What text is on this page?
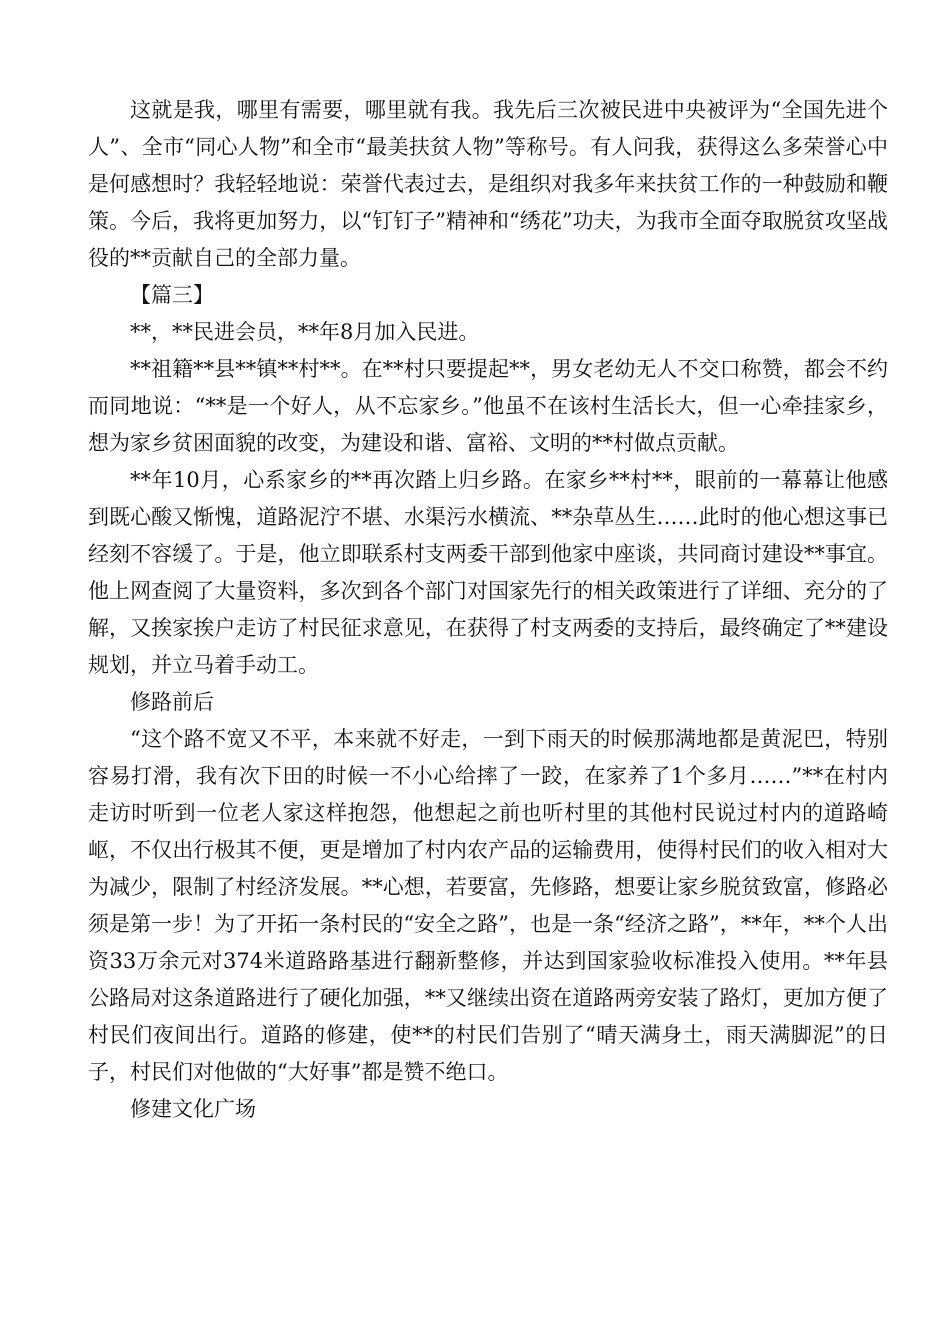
这就是我，哪里有需要，哪里就有我。我先后三次被民进中央被评为“全国先进个人”、全市“同心人物”和全市“最美扶贫人物”等称号。有人问我，获得这么多荣誉心中是何感想时？我轻轻地说：荣誉代表过去，是组织对我多年来扶贫工作的一种鼓励和鞭策。今后，我将更加努力，以“钉钉子”精神和“绣花”功夫，为我市全面夺取脱贫攻坚战役的**贡献自己的全部力量。

【篇三】

**，**民进会员，**年8月加入民进。

**祖籍**县**镇**村**。在**村只要提起**，男女老幼无人不交口称赞，都会不约而同地说：“**是一个好人，从不忘家乡。”他虽不在该村生活长大，但一心牵挂家乡，想为家乡贫困面貌的改变，为建设和谐、富裕、文明的**村做点贡献。

**年10月，心系家乡的**再次踏上归乡路。在家乡**村**，眼前的一幕幕让他感到既心酸又惭愧，道路泥泞不堪、水渠污水横流、**杂草丛生……此时的他心想这事已经刻不容缓了。于是，他立即联系村支两委干部到他家中座谈，共同商讨建设**事宜。他上网查阅了大量资料，多次到各个部门对国家先行的相关政策进行了详细、充分的了解，又挨家挨户走访了村民征求意见，在获得了村支两委的支持后，最终确定了**建设规划，并立马着手动工。

修路前后

“这个路不宽又不平，本来就不好走，一到下雨天的时候那满地都是黄泥巴，特别容易打滑，我有次下田的时候一不小心给摔了一跤，在家养了1个多月……”**在村内走访时听到一位老人家这样抱怨，他想起之前也听村里的其他村民说过村内的道路崎岖，不仅出行极其不便，更是增加了村内农产品的运输费用，使得村民们的收入相对大为减少，限制了村经济发展。**心想，若要富，先修路，想要让家乡脱贫致富，修路必须是第一步！为了开拓一条村民的“安全之路”，也是一条“经济之路”，**年，**个人出资33万余元对374米道路路基进行翻新整修，并达到国家验收标准投入使用。**年县公路局对这条道路进行了硬化加强，**又继续出资在道路两旁安装了路灯，更加方便了村民们夜间出行。道路的修建，使**的村民们告别了“晴天满身土，雨天满脚泥”的日子，村民们对他做的“大好事”都是赞不绝口。

修建文化广场
